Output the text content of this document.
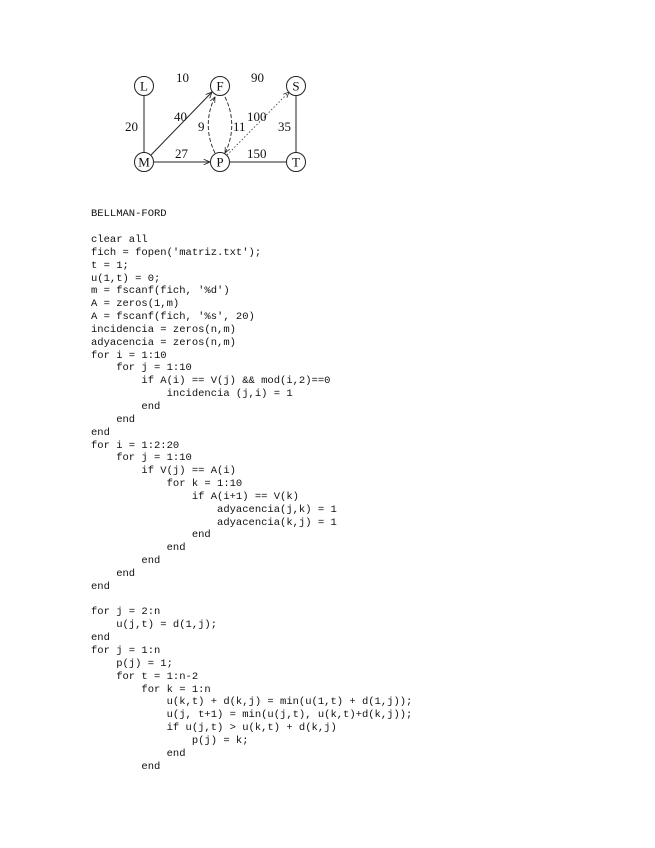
L	F	S
M	P	T
20
40
27
9 11
100
35
150
10	90

BELLMAN-FORD

clear all
fich = fopen('matriz.txt');
t = 1;
u(1,t) = 0;
m = fscanf(fich, '%d')
A = zeros(1,m)
A = fscanf(fich, '%s', 20)
incidencia = zeros(n,m)
adyacencia = zeros(n,m)
for i = 1:10
for j = 1:10
if A(i) == V(j) && mod(i,2)==0
incidencia (j,i) = 1
end
end
end
for i = 1:2:20
for j = 1:10
if V(j) == A(i)
for k = 1:10
if A(i+1) == V(k)
adyacencia(j,k) = 1
adyacencia(k,j) = 1
end
end
end
end
end
for j = 2:n
u(j,t) = d(1,j);
end
for j = 1:n
p(j) = 1;
for t = 1:n-2
for k = 1:n
u(k,t) + d(k,j) = min(u(1,t) + d(1,j));
u(j, t+1) = min(u(j,t), u(k,t)+d(k,j));
if u(j,t) > u(k,t) + d(k,j)
p(j) = k;
end
end
